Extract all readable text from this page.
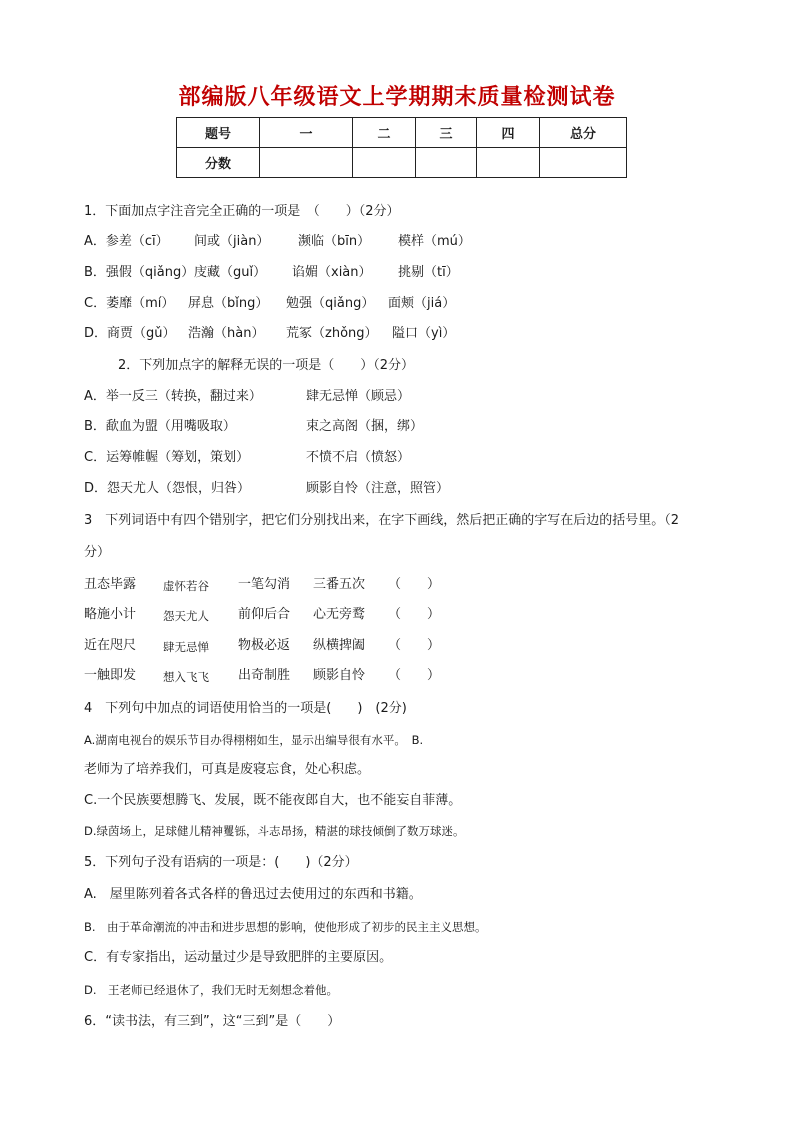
部编版八年级语文上学期期末质量检测试卷
题号	一	二	三	四	总分
分数					
1．下面加点字注音完全正确的一项是　（　　）（2分）
A．参差（cī） 间或（jiàn） 濒临（bīn） 模样（mú）
B．强假（qiǎng） 庋藏（guǐ） 谄媚（xiàn） 挑剔（tī）
C．萎靡（mí） 屏息（bǐng） 勉强（qiǎng） 面颊（jiá）
D．商贾（gǔ） 浩瀚（hàn） 荒冢（zhǒng） 隘口（yì）
2．下列加点字的解释无误的一项是（　　）（2分）
A．举一反三（转换，翻过来）	肆无忌惮（顾忌）
B．歃血为盟（用嘴吸取）	束之高阁（捆，绑）
C．运筹帷幄（筹划，策划）	不愤不启（愤怒）
D．怨天尤人（怨恨，归咎）	顾影自怜（注意，照管）
3　下列词语中有四个错别字，把它们分别找出来，在字下画线，然后把正确的字写在后边的括号里。（2
分）
丑态毕露 虚怀若谷 一笔勾消 三番五次 （　　）
略施小计 怨天尤人 前仰后合 心无旁鹜 （　　）
近在咫尺 肆无忌惮 物极必返 纵横捭阖 （　　）
一触即发 想入飞飞 出奇制胜 顾影自怜 （　　）
4　下列句中加点的词语使用恰当的一项是(　　)　(2分)
A.湖南电视台的娱乐节目办得栩栩如生，显示出编导很有水平。　B.
老师为了培养我们，可真是废寝忘食，处心积虑。
C.一个民族要想腾飞、发展，既不能夜郎自大，也不能妄自菲薄。
D.绿茵场上，足球健儿精神矍铄，斗志昂扬，精湛的球技倾倒了数万球迷。
5．下列句子没有语病的一项是：(　　)（2分）
A.　屋里陈列着各式各样的鲁迅过去使用过的东西和书籍。
B.　由于革命潮流的冲击和进步思想的影响，使他形成了初步的民主主义思想。
C．有专家指出，运动量过少是导致肥胖的主要原因。
D.　王老师已经退休了，我们无时无刻想念着他。
6．“读书法，有三到”，这“三到”是（　　）
